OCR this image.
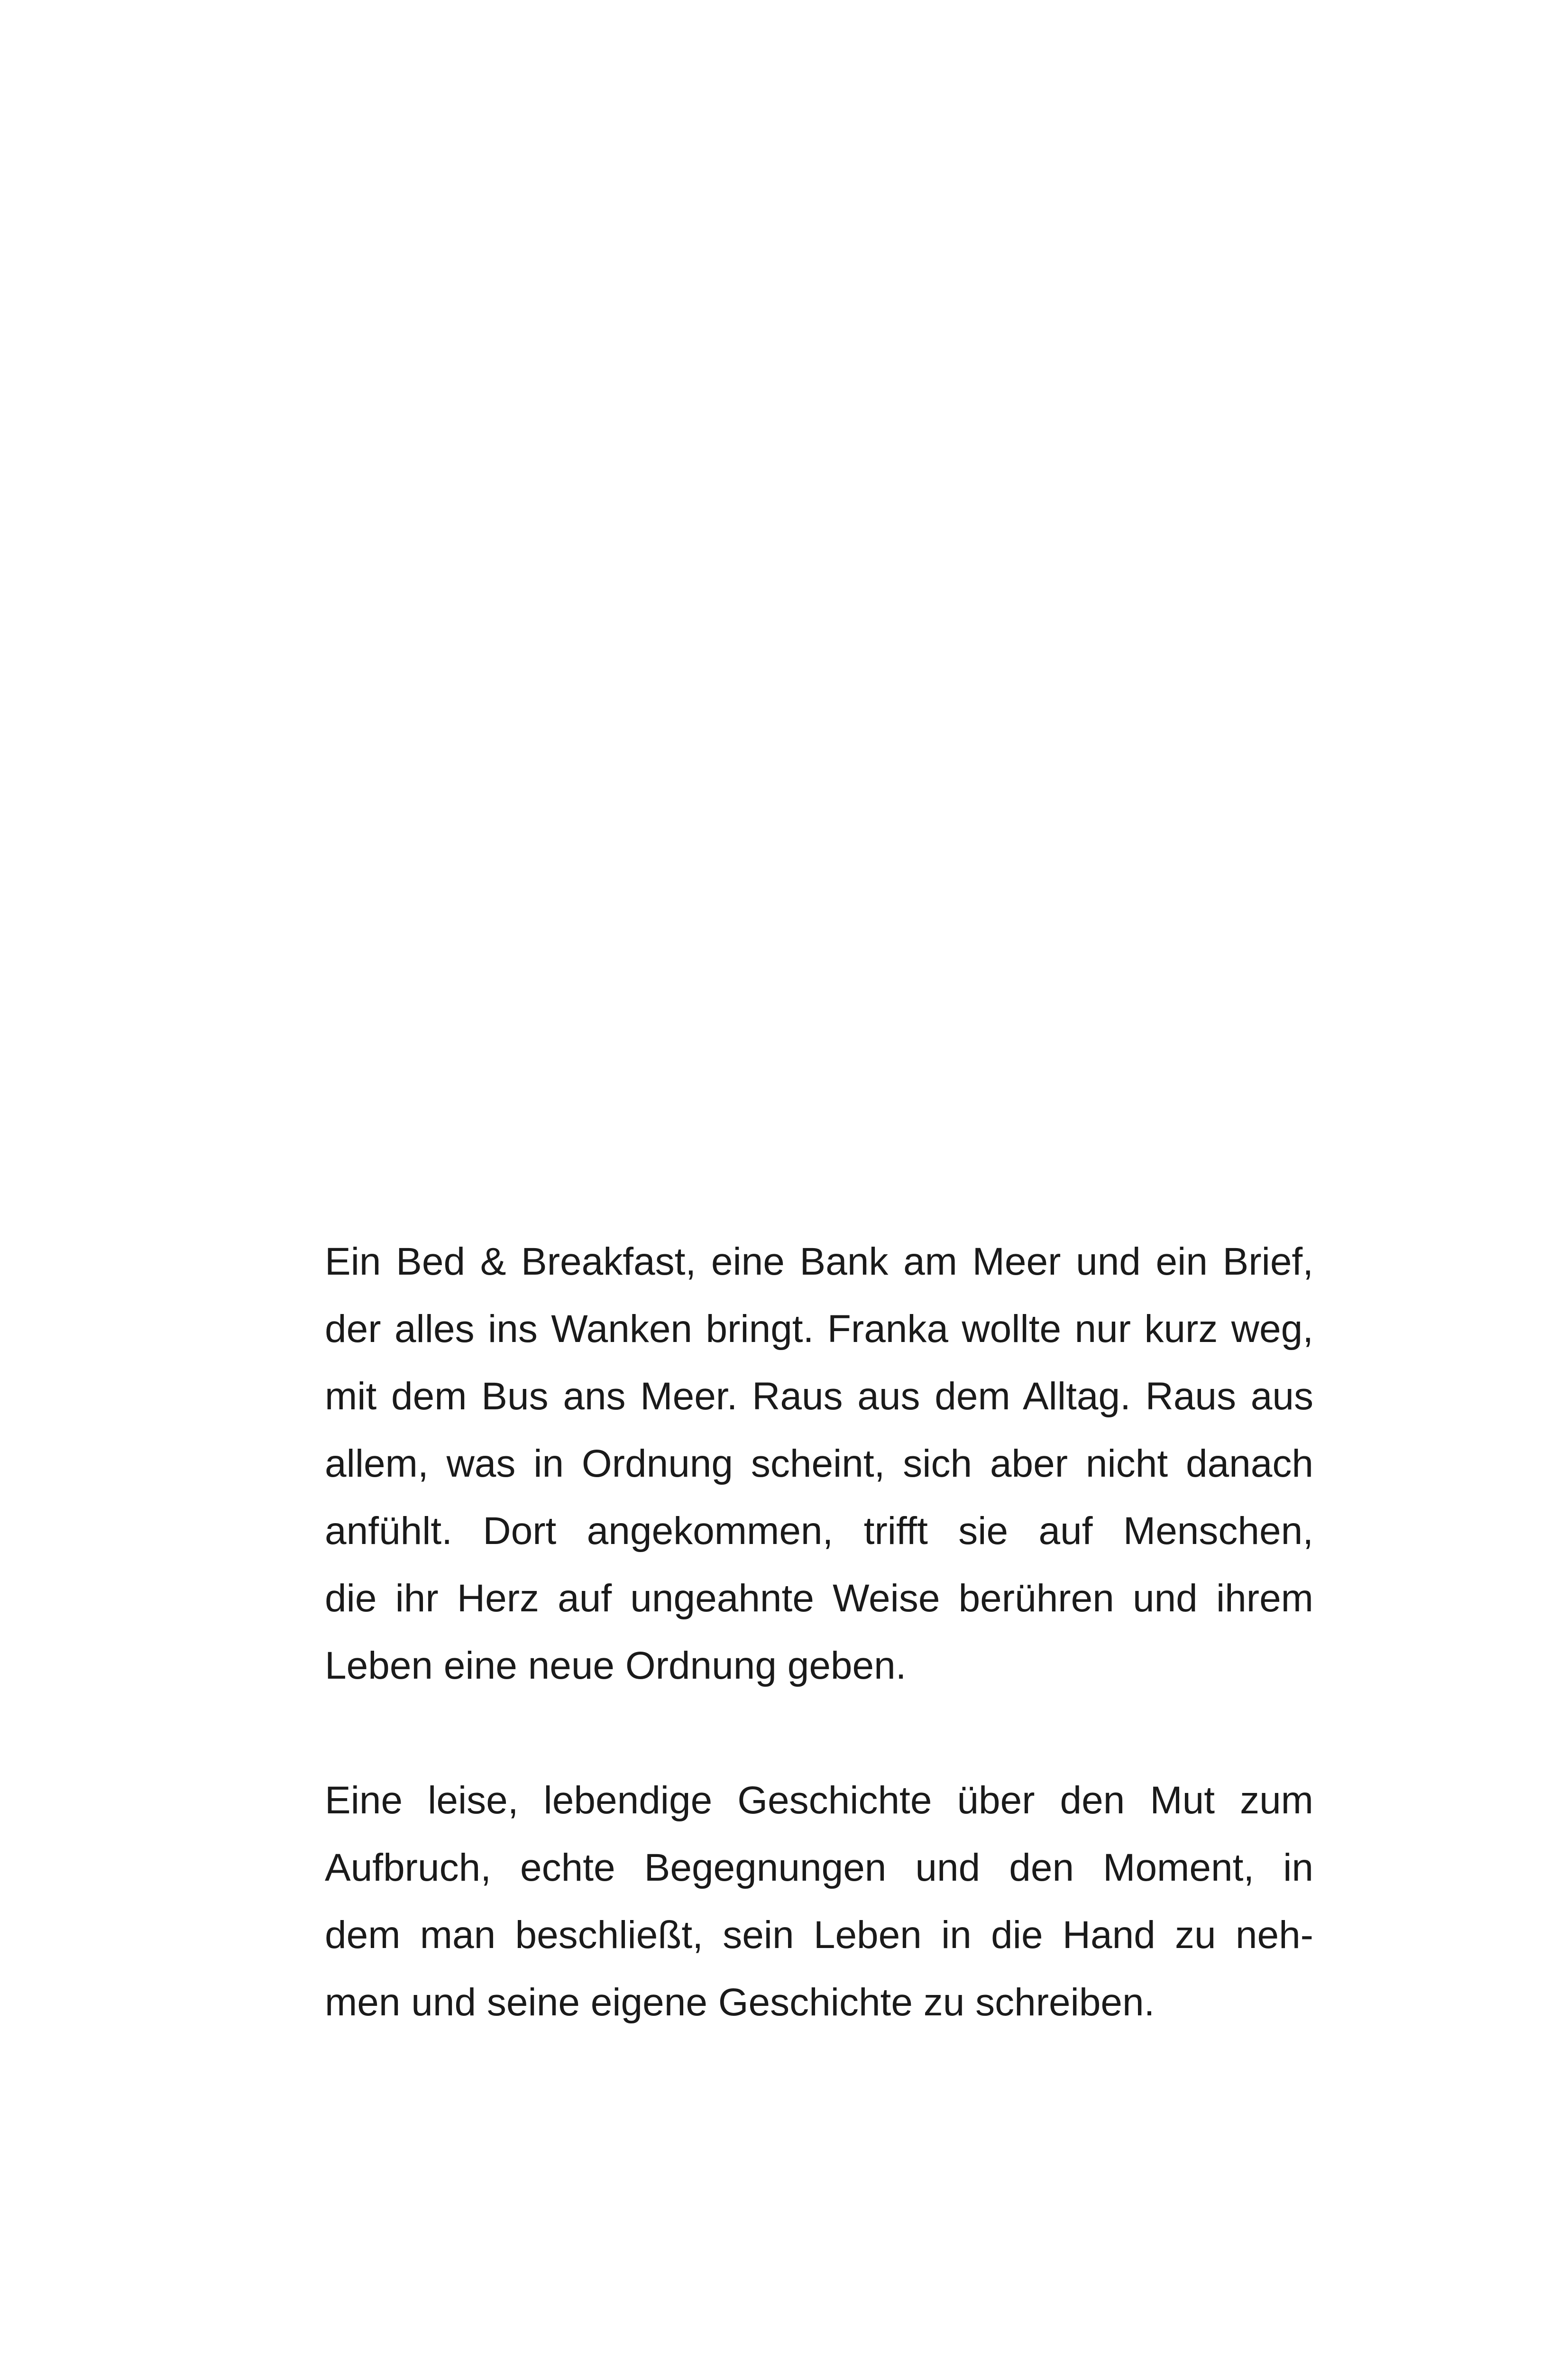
Ein Bed & Breakfast, eine Bank am Meer und ein Brief,
der alles ins Wanken bringt. Franka wollte nur kurz weg,
mit dem Bus ans Meer. Raus aus dem Alltag. Raus aus
allem, was in Ordnung scheint, sich aber nicht danach
anfühlt. Dort angekommen, trifft sie auf Menschen,
die ihr Herz auf ungeahnte Weise berühren und ihrem
Leben eine neue Ordnung geben.

Eine leise, lebendige Geschichte über den Mut zum
Aufbruch, echte Begegnungen und den Moment, in
dem man beschließt, sein Leben in die Hand zu neh-
men und seine eigene Geschichte zu schreiben.
